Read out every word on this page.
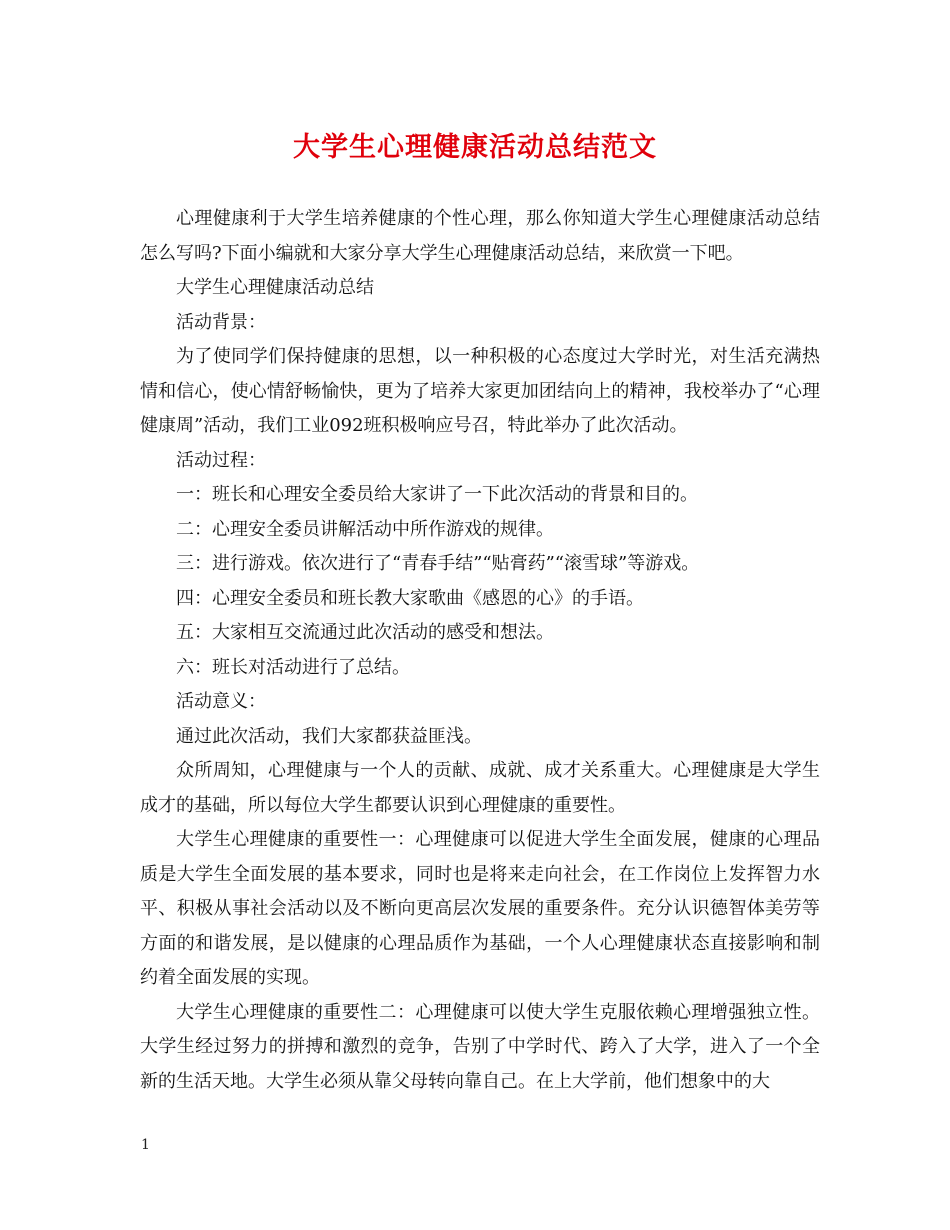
大学生心理健康活动总结范文

心理健康利于大学生培养健康的个性心理，那么你知道大学生心理健康活动总结怎么写吗?下面小编就和大家分享大学生心理健康活动总结，来欣赏一下吧。

大学生心理健康活动总结

活动背景：

为了使同学们保持健康的思想，以一种积极的心态度过大学时光，对生活充满热情和信心，使心情舒畅愉快，更为了培养大家更加团结向上的精神，我校举办了“心理健康周”活动，我们工业092班积极响应号召，特此举办了此次活动。

活动过程：

一：班长和心理安全委员给大家讲了一下此次活动的背景和目的。

二：心理安全委员讲解活动中所作游戏的规律。

三：进行游戏。依次进行了“青春手结”“贴膏药”“滚雪球”等游戏。

四：心理安全委员和班长教大家歌曲《感恩的心》的手语。

五：大家相互交流通过此次活动的感受和想法。

六：班长对活动进行了总结。

活动意义：

通过此次活动，我们大家都获益匪浅。

众所周知，心理健康与一个人的贡献、成就、成才关系重大。心理健康是大学生成才的基础，所以每位大学生都要认识到心理健康的重要性。

大学生心理健康的重要性一：心理健康可以促进大学生全面发展，健康的心理品质是大学生全面发展的基本要求，同时也是将来走向社会，在工作岗位上发挥智力水平、积极从事社会活动以及不断向更高层次发展的重要条件。充分认识德智体美劳等方面的和谐发展，是以健康的心理品质作为基础，一个人心理健康状态直接影响和制约着全面发展的实现。

大学生心理健康的重要性二：心理健康可以使大学生克服依赖心理增强独立性。大学生经过努力的拼搏和激烈的竞争，告别了中学时代、跨入了大学，进入了一个全新的生活天地。大学生必须从靠父母转向靠自己。在上大学前，他们想象中的大

1
